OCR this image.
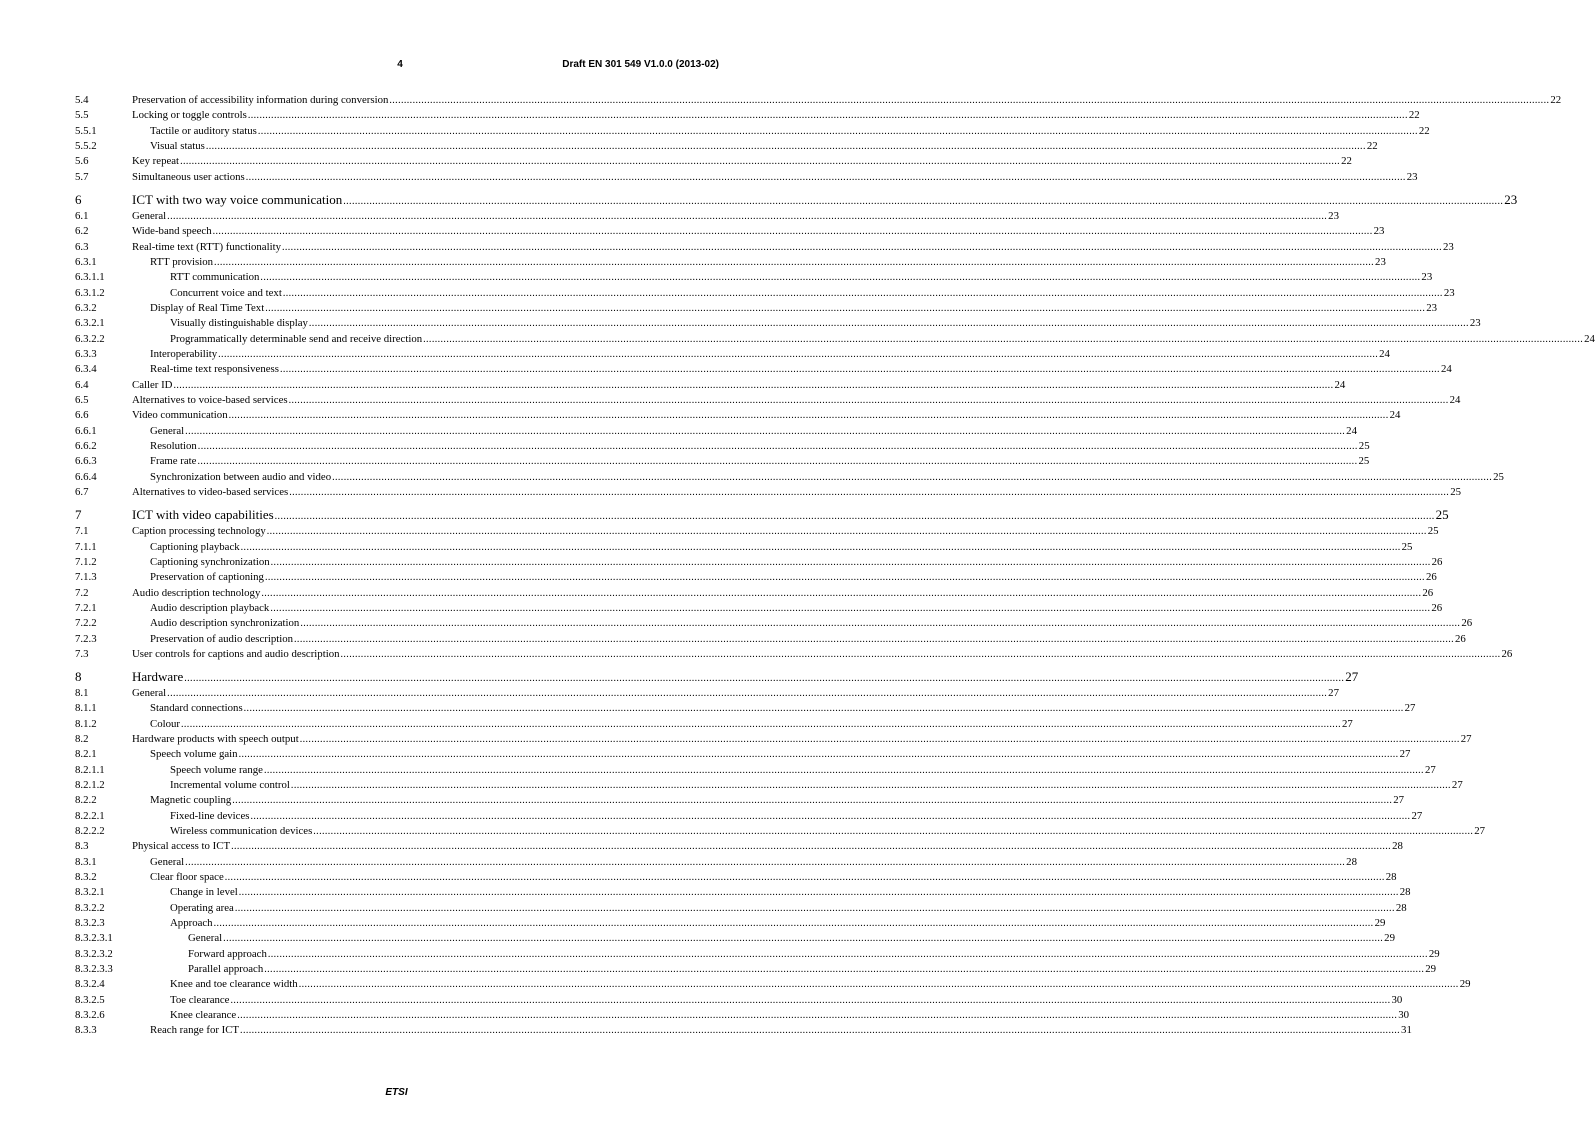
4	Draft EN 301 549 V1.0.0 (2013-02)
5.4	Preservation of accessibility information during conversion ................................................................................................................................................................................................................................................................................................................................................................................................................ 22
5.5	Locking or toggle controls ................................................................................................................................................................................................................................................................................................................................................................................................................ 22
5.5.1	Tactile or auditory status ................................................................................................................................................................................................................................................................................................................................................................................................................ 22
5.5.2	Visual status ................................................................................................................................................................................................................................................................................................................................................................................................................ 22
5.6	Key repeat ................................................................................................................................................................................................................................................................................................................................................................................................................ 22
5.7	Simultaneous user actions ................................................................................................................................................................................................................................................................................................................................................................................................................ 23
6	ICT with two way voice communication ................................................................................................................................................................................................................................................................................................................................................................................................................ 23
6.1	General ................................................................................................................................................................................................................................................................................................................................................................................................................ 23
6.2	Wide-band speech ................................................................................................................................................................................................................................................................................................................................................................................................................ 23
6.3	Real-time text (RTT) functionality ................................................................................................................................................................................................................................................................................................................................................................................................................ 23
6.3.1	RTT provision ................................................................................................................................................................................................................................................................................................................................................................................................................ 23
6.3.1.1	RTT communication ................................................................................................................................................................................................................................................................................................................................................................................................................ 23
6.3.1.2	Concurrent voice and text ................................................................................................................................................................................................................................................................................................................................................................................................................ 23
6.3.2	Display of Real Time Text ................................................................................................................................................................................................................................................................................................................................................................................................................ 23
6.3.2.1	Visually distinguishable display ................................................................................................................................................................................................................................................................................................................................................................................................................ 23
6.3.2.2	Programmatically determinable send and receive direction ................................................................................................................................................................................................................................................................................................................................................................................................................ 24
6.3.3	Interoperability ................................................................................................................................................................................................................................................................................................................................................................................................................ 24
6.3.4	Real-time text responsiveness ................................................................................................................................................................................................................................................................................................................................................................................................................ 24
6.4	Caller ID ................................................................................................................................................................................................................................................................................................................................................................................................................ 24
6.5	Alternatives to voice-based services ................................................................................................................................................................................................................................................................................................................................................................................................................ 24
6.6	Video communication ................................................................................................................................................................................................................................................................................................................................................................................................................ 24
6.6.1	General ................................................................................................................................................................................................................................................................................................................................................................................................................ 24
6.6.2	Resolution ................................................................................................................................................................................................................................................................................................................................................................................................................ 25
6.6.3	Frame rate ................................................................................................................................................................................................................................................................................................................................................................................................................ 25
6.6.4	Synchronization between audio and video ................................................................................................................................................................................................................................................................................................................................................................................................................ 25
6.7	Alternatives to video-based services ................................................................................................................................................................................................................................................................................................................................................................................................................ 25
7	ICT with video capabilities ................................................................................................................................................................................................................................................................................................................................................................................................................ 25
7.1	Caption processing technology ................................................................................................................................................................................................................................................................................................................................................................................................................ 25
7.1.1	Captioning playback ................................................................................................................................................................................................................................................................................................................................................................................................................ 25
7.1.2	Captioning synchronization ................................................................................................................................................................................................................................................................................................................................................................................................................ 26
7.1.3	Preservation of captioning ................................................................................................................................................................................................................................................................................................................................................................................................................ 26
7.2	Audio description technology ................................................................................................................................................................................................................................................................................................................................................................................................................ 26
7.2.1	Audio description playback ................................................................................................................................................................................................................................................................................................................................................................................................................ 26
7.2.2	Audio description synchronization ................................................................................................................................................................................................................................................................................................................................................................................................................ 26
7.2.3	Preservation of audio description ................................................................................................................................................................................................................................................................................................................................................................................................................ 26
7.3	User controls for captions and audio description ................................................................................................................................................................................................................................................................................................................................................................................................................ 26
8	Hardware ................................................................................................................................................................................................................................................................................................................................................................................................................ 27
8.1	General ................................................................................................................................................................................................................................................................................................................................................................................................................ 27
8.1.1	Standard connections ................................................................................................................................................................................................................................................................................................................................................................................................................ 27
8.1.2	Colour ................................................................................................................................................................................................................................................................................................................................................................................................................ 27
8.2	Hardware products with speech output ................................................................................................................................................................................................................................................................................................................................................................................................................ 27
8.2.1	Speech volume gain ................................................................................................................................................................................................................................................................................................................................................................................................................ 27
8.2.1.1	Speech volume range ................................................................................................................................................................................................................................................................................................................................................................................................................ 27
8.2.1.2	Incremental volume control ................................................................................................................................................................................................................................................................................................................................................................................................................ 27
8.2.2	Magnetic coupling ................................................................................................................................................................................................................................................................................................................................................................................................................ 27
8.2.2.1	Fixed-line devices ................................................................................................................................................................................................................................................................................................................................................................................................................ 27
8.2.2.2	Wireless communication devices ................................................................................................................................................................................................................................................................................................................................................................................................................ 27
8.3	Physical access to ICT ................................................................................................................................................................................................................................................................................................................................................................................................................ 28
8.3.1	General ................................................................................................................................................................................................................................................................................................................................................................................................................ 28
8.3.2	Clear floor space ................................................................................................................................................................................................................................................................................................................................................................................................................ 28
8.3.2.1	Change in level ................................................................................................................................................................................................................................................................................................................................................................................................................ 28
8.3.2.2	Operating area ................................................................................................................................................................................................................................................................................................................................................................................................................ 28
8.3.2.3	Approach ................................................................................................................................................................................................................................................................................................................................................................................................................ 29
8.3.2.3.1	General ................................................................................................................................................................................................................................................................................................................................................................................................................ 29
8.3.2.3.2	Forward approach ................................................................................................................................................................................................................................................................................................................................................................................................................ 29
8.3.2.3.3	Parallel approach ................................................................................................................................................................................................................................................................................................................................................................................................................ 29
8.3.2.4	Knee and toe clearance width ................................................................................................................................................................................................................................................................................................................................................................................................................ 29
8.3.2.5	Toe clearance ................................................................................................................................................................................................................................................................................................................................................................................................................ 30
8.3.2.6	Knee clearance ................................................................................................................................................................................................................................................................................................................................................................................................................ 30
8.3.3	Reach range for ICT ................................................................................................................................................................................................................................................................................................................................................................................................................ 31
ETSI
